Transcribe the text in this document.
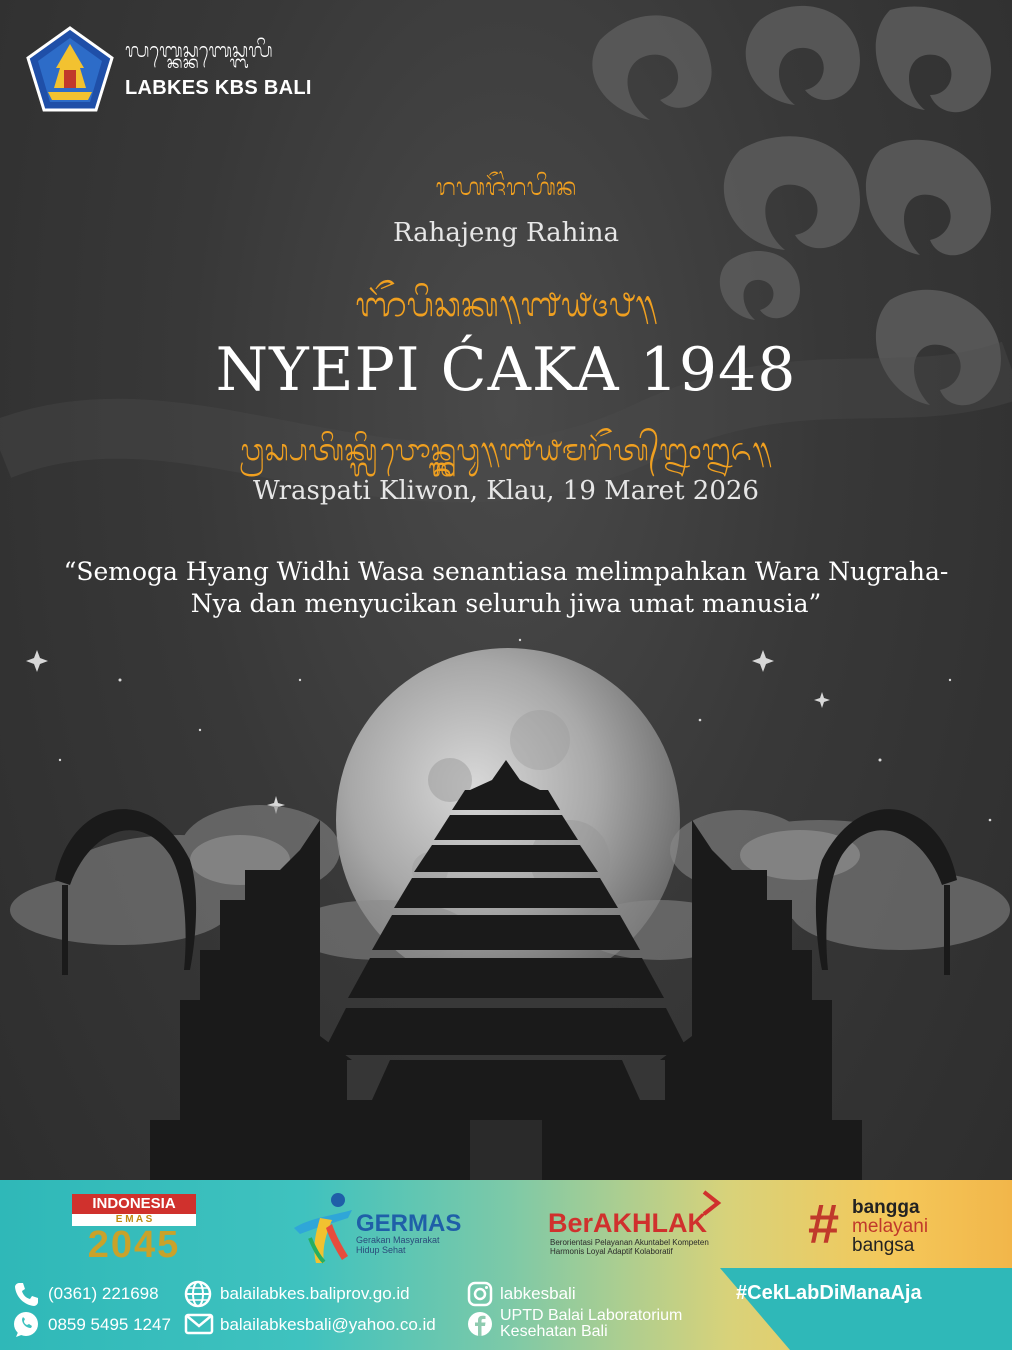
ᬮᬩ᭄ᬓᬾᬲ᭄ᬓᬩᬾᬲ᭄ᬩᬮᬶ
LABKES KBS BALI
ᬭᬳᬚᭂᬂᬭᬳᬶᬦ
Rahajeng Rahina
ᬜᭂᬧᬶᬘᬓ᭟᭑᭙᭔᭘᭟
NYEPI ĆAKA 1948
ᬯ᭄ᬭᬲ᭄ᬧᬢᬶᬓ᭄ᬮᬶᬯᭀᬦ᭄ᬓ᭄ᬮᬯᬸ᭟᭑᭙ᬫᬭᭂᬢ᭄᭒᭐᭒᭖᭟
Wraspati Kliwon, Klau, 19 Maret 2026
“Semoga Hyang Widhi Wasa senantiasa melimpahkan Wara Nugraha-Nya dan menyucikan seluruh jiwa umat manusia”
INDONESIA
E M A S
2045
GERMAS
Gerakan Masyarakat
Hidup Sehat
BerAKHLAK
Berorientasi Pelayanan Akuntabel Kompeten
Harmonis Loyal Adaptif Kolaboratif # bangga
melayani
bangsa
(0361) 221698
0859 5495 1247
balailabkes.baliprov.go.id
balailabkesbali@yahoo.co.id
labkesbali
UPTD Balai Laboratorium
Kesehatan Bali
#CekLabDiManaAja
